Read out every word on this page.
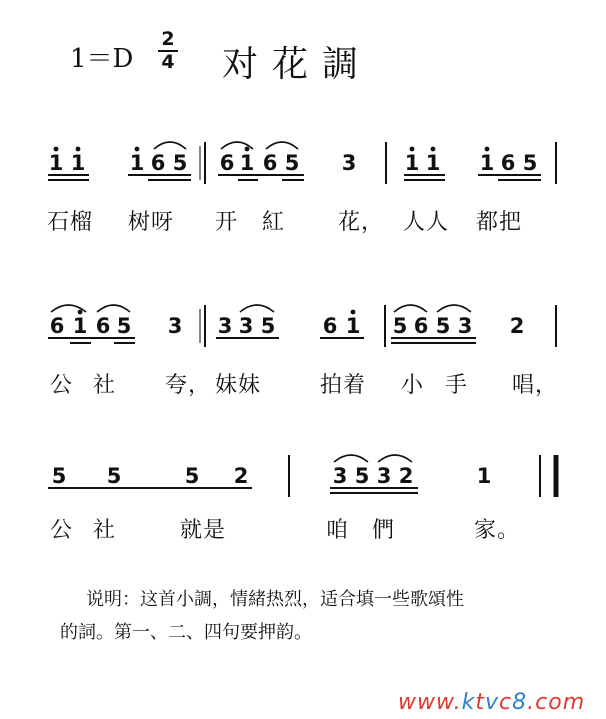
1＝D
2
4 对花調
1 1 1 6 5 6 1 6 5 3 1 1 1 6 5
6 1 6 5 3 3 3 5 6 1 5 6 5 3 2
5 5	5 2	3 5 3 2	1
石榴 树呀 开 紅 花， 人人 都把
公 社 夸， 妹妹	拍着 小 手 唱，
公 社	就是	咱 們	家。
说明：这首小調，情緒热烈，适合填一些歌頌性
的詞。第一、二、四句要押韵。
www.ktvc8.com
